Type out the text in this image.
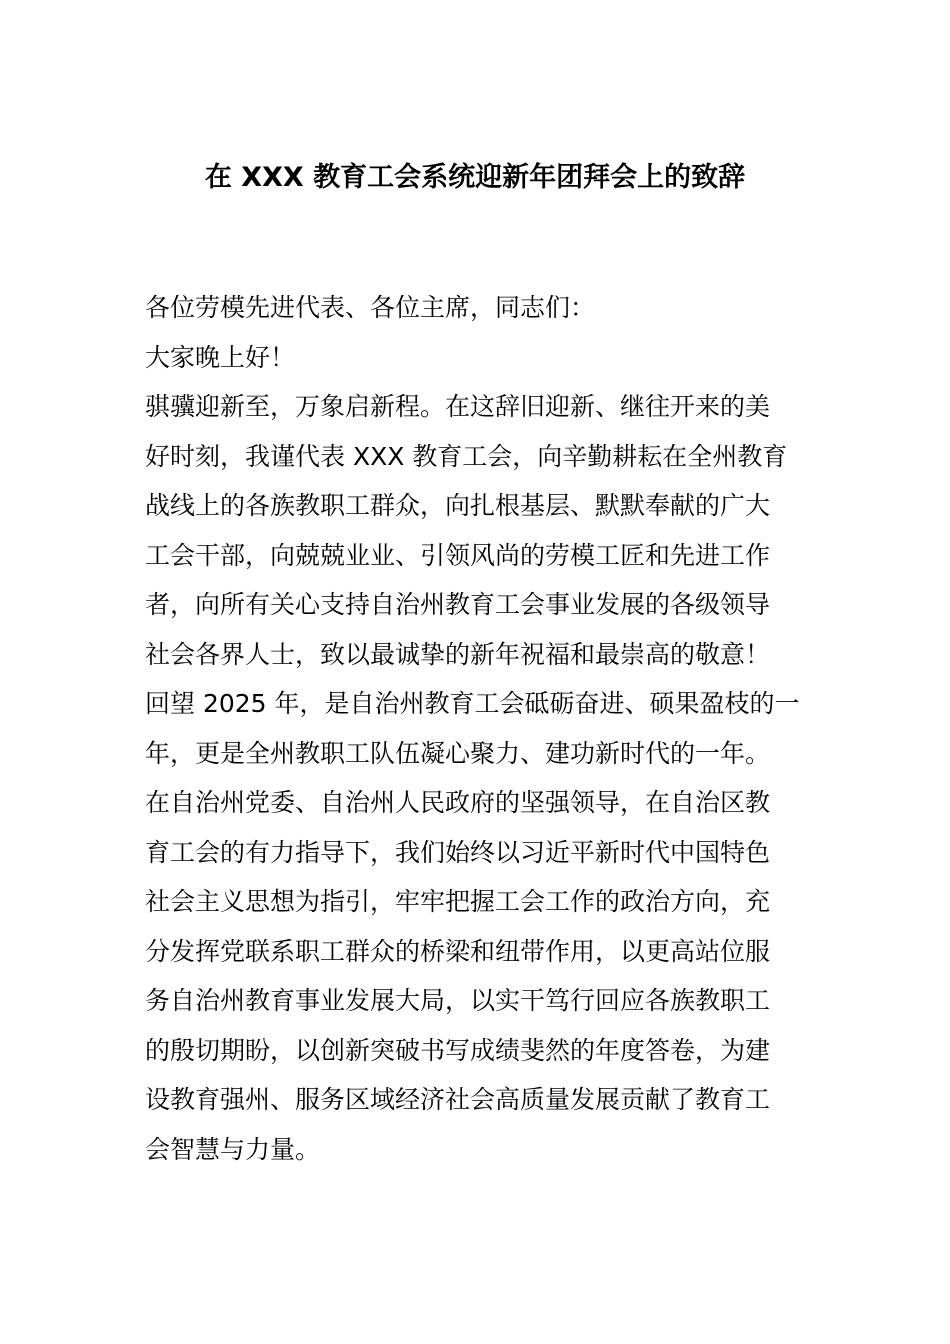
在 XXX 教育工会系统迎新年团拜会上的致辞
各位劳模先进代表、各位主席，同志们：
大家晚上好！
骐骥迎新至，万象启新程。在这辞旧迎新、继往开来的美
好时刻，我谨代表 XXX 教育工会，向辛勤耕耘在全州教育
战线上的各族教职工群众，向扎根基层、默默奉献的广大
工会干部，向兢兢业业、引领风尚的劳模工匠和先进工作
者，向所有关心支持自治州教育工会事业发展的各级领导
社会各界人士，致以最诚挚的新年祝福和最崇高的敬意！
回望 2025 年，是自治州教育工会砥砺奋进、硕果盈枝的一
年，更是全州教职工队伍凝心聚力、建功新时代的一年。
在自治州党委、自治州人民政府的坚强领导，在自治区教
育工会的有力指导下，我们始终以习近平新时代中国特色
社会主义思想为指引，牢牢把握工会工作的政治方向，充
分发挥党联系职工群众的桥梁和纽带作用，以更高站位服
务自治州教育事业发展大局，以实干笃行回应各族教职工
的殷切期盼，以创新突破书写成绩斐然的年度答卷，为建
设教育强州、服务区域经济社会高质量发展贡献了教育工
会智慧与力量。
